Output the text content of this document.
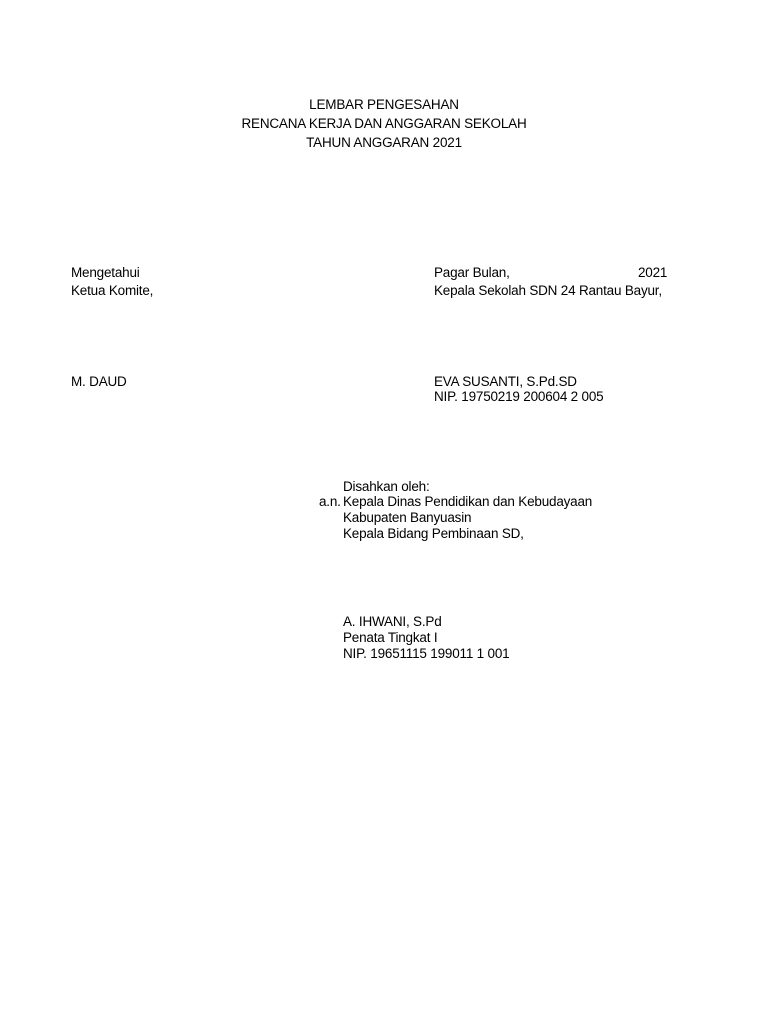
LEMBAR PENGESAHAN
RENCANA KERJA DAN ANGGARAN SEKOLAH
TAHUN ANGGARAN 2021
Mengetahui
Ketua Komite,
M. DAUD
Pagar Bulan,	2021
Kepala Sekolah SDN 24 Rantau Bayur,
EVA SUSANTI, S.Pd.SD
NIP. 19750219 200604 2 005
Disahkan oleh:
a.n. Kepala Dinas Pendidikan dan Kebudayaan
Kabupaten Banyuasin
Kepala Bidang Pembinaan SD,
A. IHWANI, S.Pd
Penata Tingkat I
NIP. 19651115 199011 1 001
